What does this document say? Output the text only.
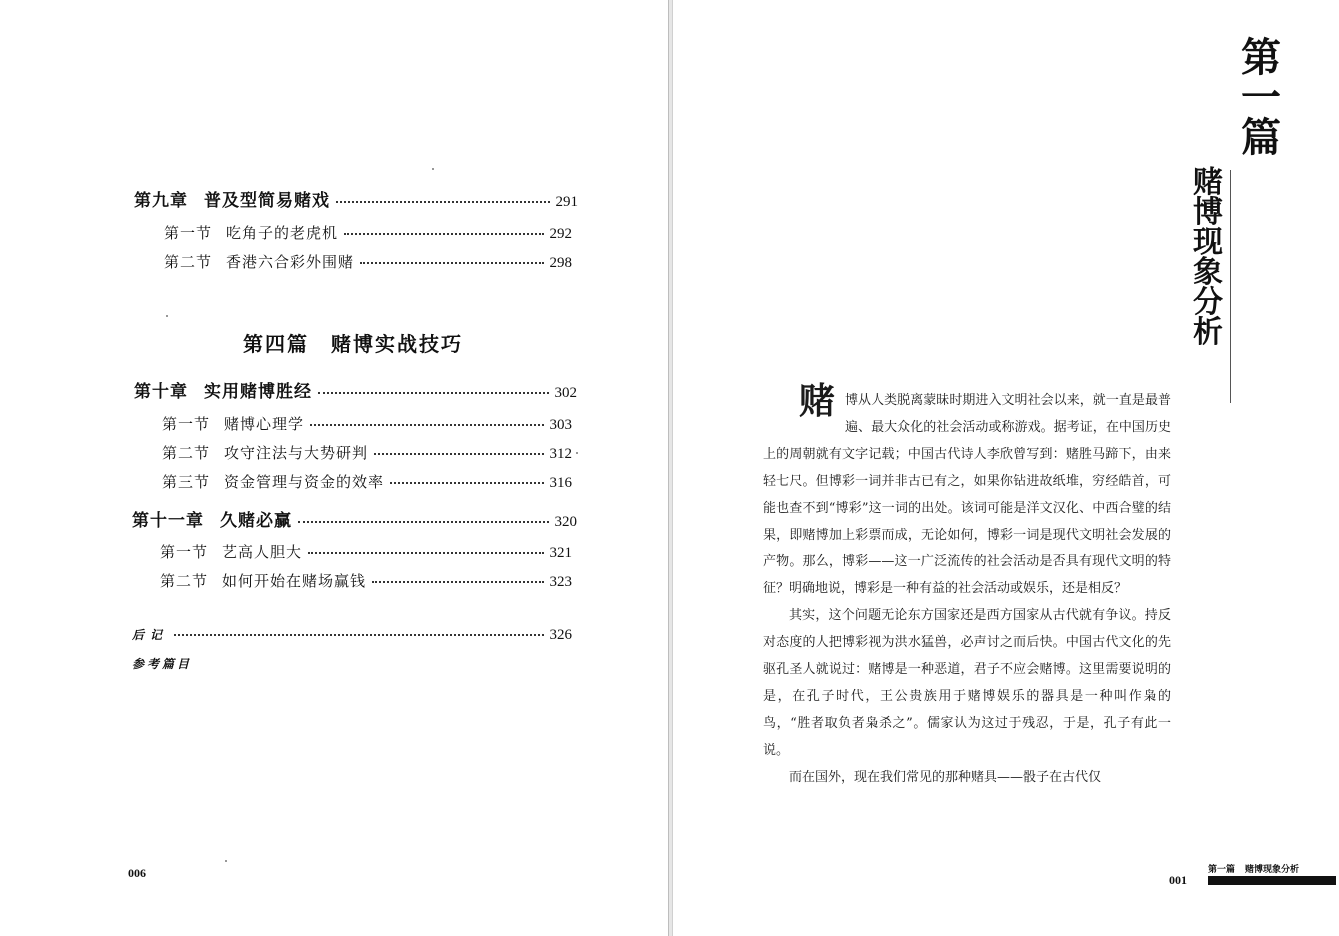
第九章 普及型简易赌戏	291
第一节 吃角子的老虎机	292
第二节 香港六合彩外围赌	298
第四篇 赌博实战技巧
第十章 实用赌博胜经	302
第一节 赌博心理学	303
第二节 攻守注法与大势研判	312
第三节 资金管理与资金的效率	316
第十一章 久赌必赢	320
第一节 艺高人胆大	321
第二节 如何开始在赌场赢钱	323
后记	326
参考篇目
006
第
一
篇
赌
博
现
象
分
析

赌博从人类脱离蒙昧时期进入文明社会以来，就一直是最普遍、最大众化的社会活动或称游戏。据考证，在中国历史上的周朝就有文字记载；中国古代诗人李欣曾写到：赌胜马蹄下，由来轻七尺。但博彩一词并非古已有之，如果你钻进故纸堆，穷经皓首，可能也查不到“博彩”这一词的出处。该词可能是洋文汉化、中西合璧的结果，即赌博加上彩票而成，无论如何，博彩一词是现代文明社会发展的产物。那么，博彩——这一广泛流传的社会活动是否具有现代文明的特征？明确地说，博彩是一种有益的社会活动或娱乐，还是相反？

其实，这个问题无论东方国家还是西方国家从古代就有争议。持反对态度的人把博彩视为洪水猛兽，必声讨之而后快。中国古代文化的先驱孔圣人就说过：赌博是一种恶道，君子不应会赌博。这里需要说明的是，在孔子时代，王公贵族用于赌博娱乐的器具是一种叫作枭的鸟，“胜者取负者枭杀之”。儒家认为这过于残忍，于是，孔子有此一说。

而在国外，现在我们常见的那种赌具——骰子在古代仅

001
第一篇 赌博现象分析
